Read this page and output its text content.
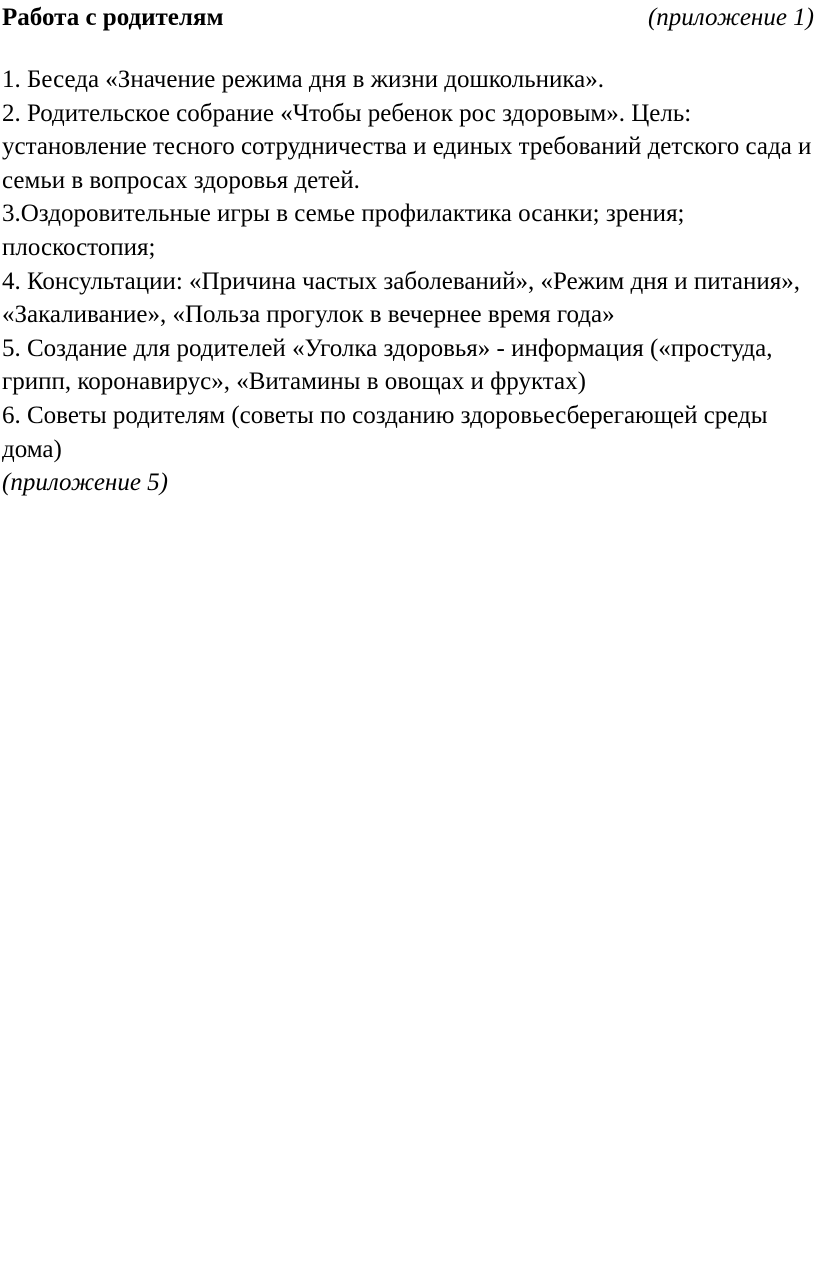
Работа с родителям	(приложение 1)

1. Беседа «Значение режима дня в жизни дошкольника».

2. Родительское собрание «Чтобы ребенок рос здоровым». Цель: установление тесного сотрудничества и единых требований детского сада и семьи в вопросах здоровья детей.

3.Оздоровительные игры в семье профилактика осанки; зрения; плоскостопия;

4. Консультации: «Причина частых заболеваний», «Режим дня и питания», «Закаливание», «Польза прогулок в вечернее время года»

5. Создание для родителей «Уголка здоровья» - информация («простуда, грипп, коронавирус», «Витамины в овощах и фруктах)

6. Советы родителям (советы по созданию здоровьесберегающей среды дома)

(приложение 5)
